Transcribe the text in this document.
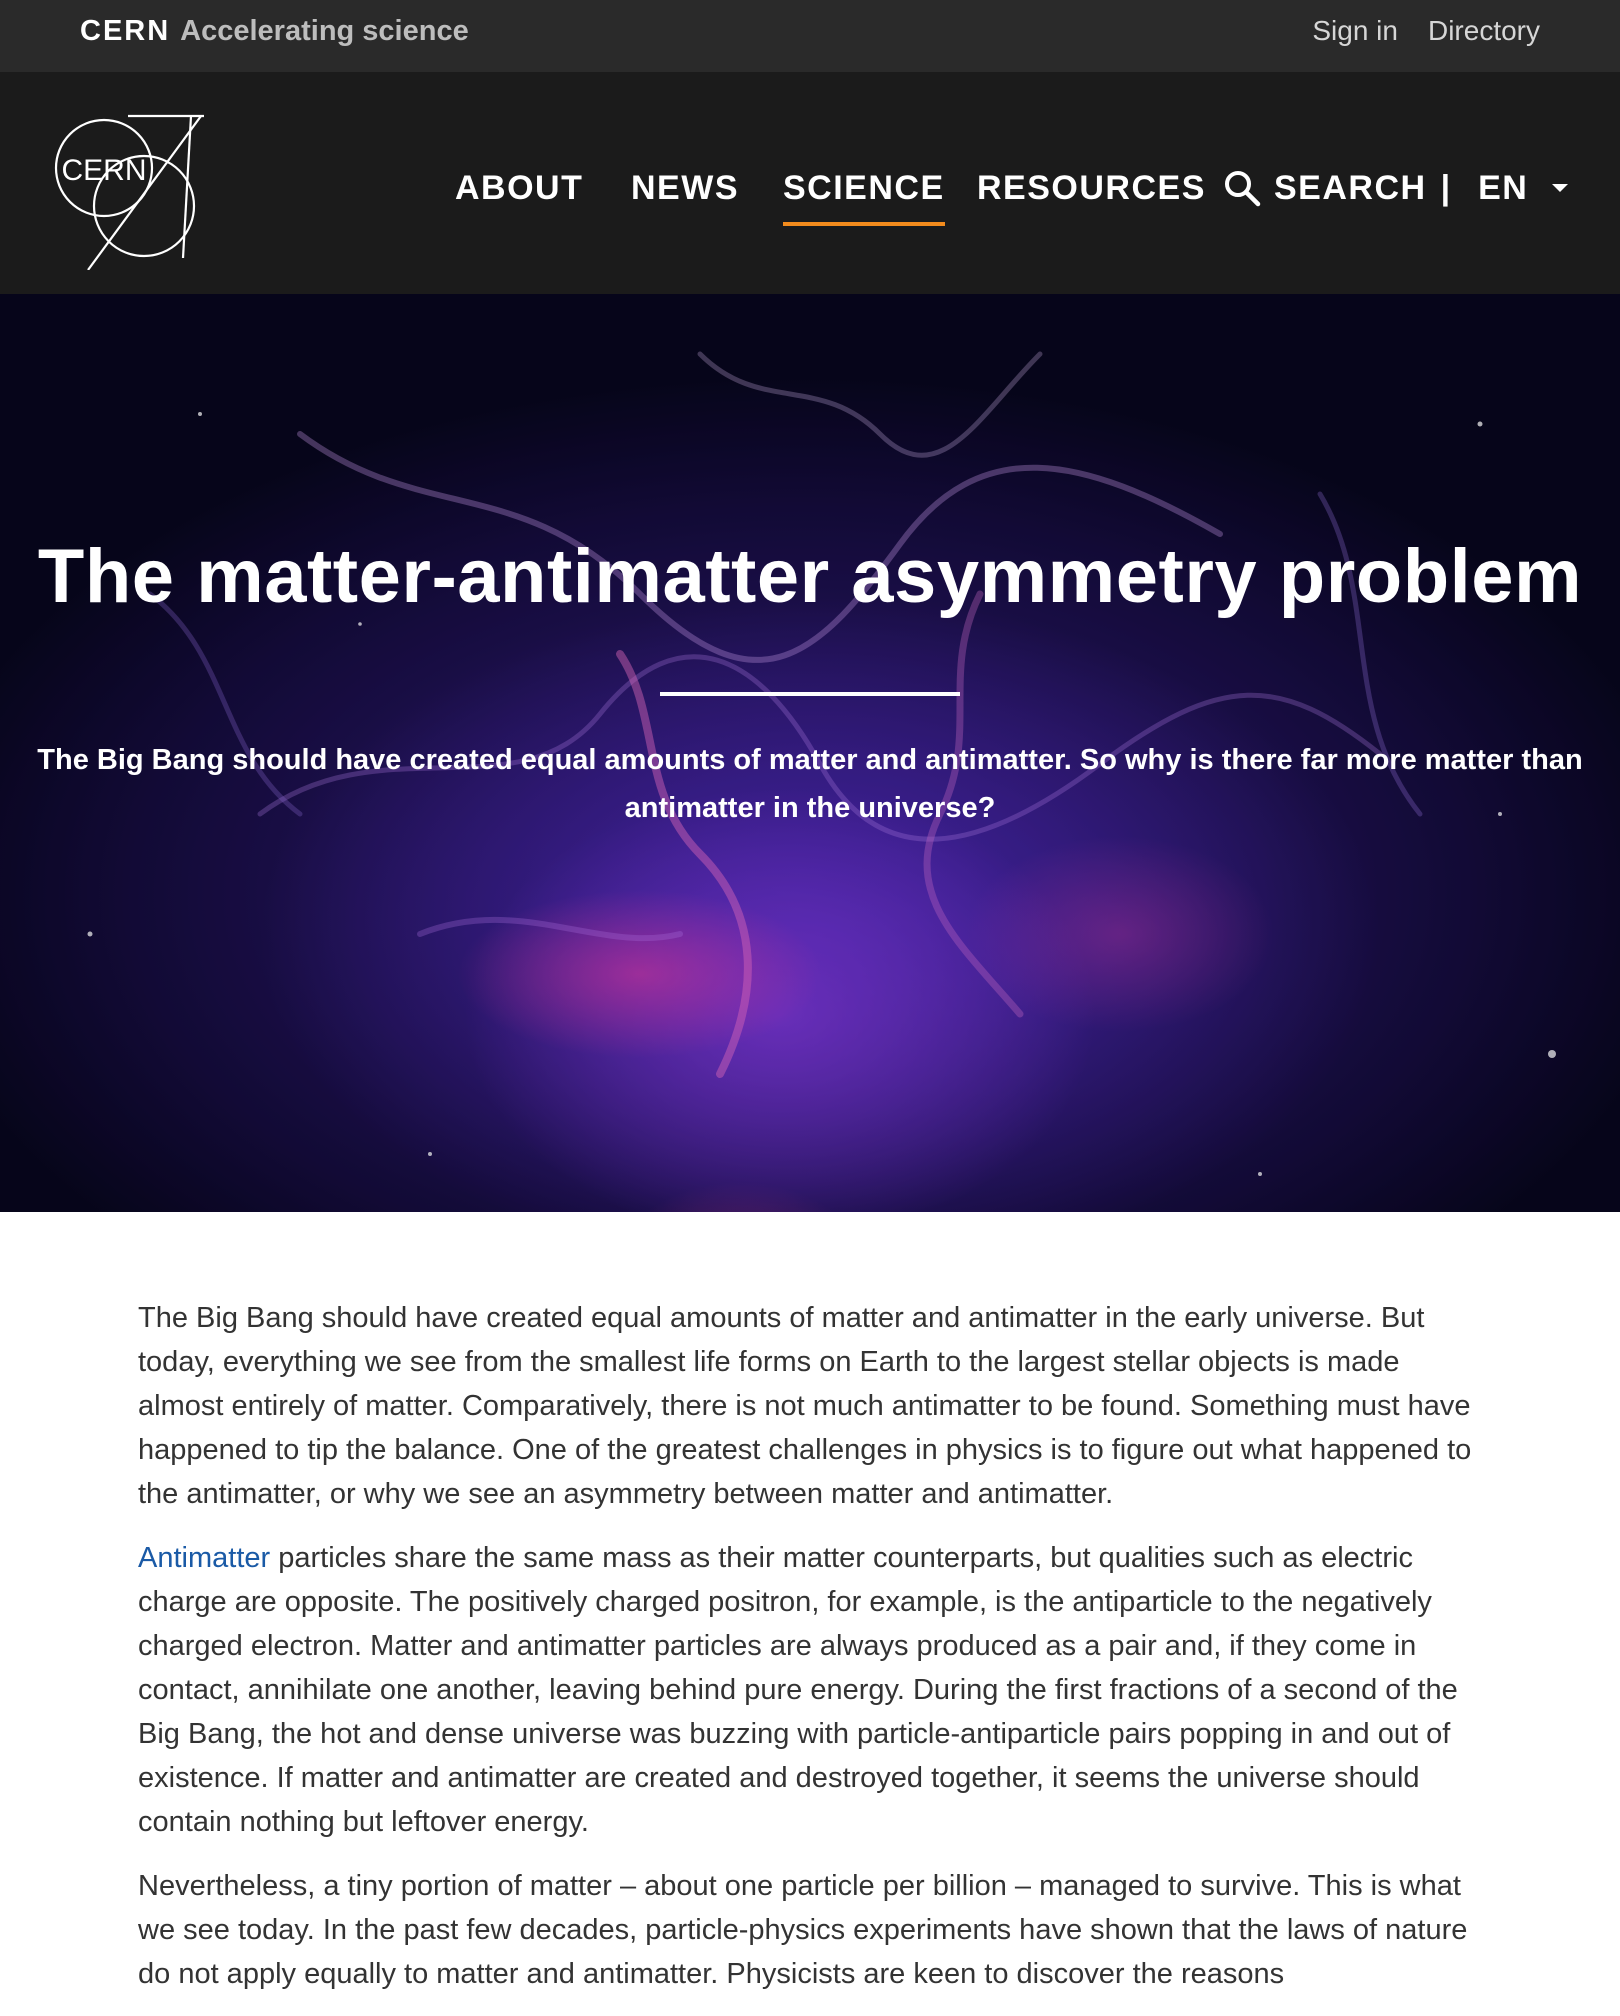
CERN Accelerating science	Sign in Directory
CERN	ABOUT NEWS SCIENCE RESOURCES SEARCH | EN
The matter-antimatter asymmetry problem
The Big Bang should have created equal amounts of matter and antimatter. So why is there far more matter than antimatter in the universe?

The Big Bang should have created equal amounts of matter and antimatter in the early universe. But today, everything we see from the smallest life forms on Earth to the largest stellar objects is made almost entirely of matter. Comparatively, there is not much antimatter to be found. Something must have happened to tip the balance. One of the greatest challenges in physics is to figure out what happened to the antimatter, or why we see an asymmetry between matter and antimatter.

Antimatter particles share the same mass as their matter counterparts, but qualities such as electric charge are opposite. The positively charged positron, for example, is the antiparticle to the negatively charged electron. Matter and antimatter particles are always produced as a pair and, if they come in contact, annihilate one another, leaving behind pure energy. During the first fractions of a second of the Big Bang, the hot and dense universe was buzzing with particle-antiparticle pairs popping in and out of existence. If matter and antimatter are created and destroyed together, it seems the universe should contain nothing but leftover energy.

Nevertheless, a tiny portion of matter – about one particle per billion – managed to survive. This is what we see today. In the past few decades, particle-physics experiments have shown that the laws of nature do not apply equally to matter and antimatter. Physicists are keen to discover the reasons
